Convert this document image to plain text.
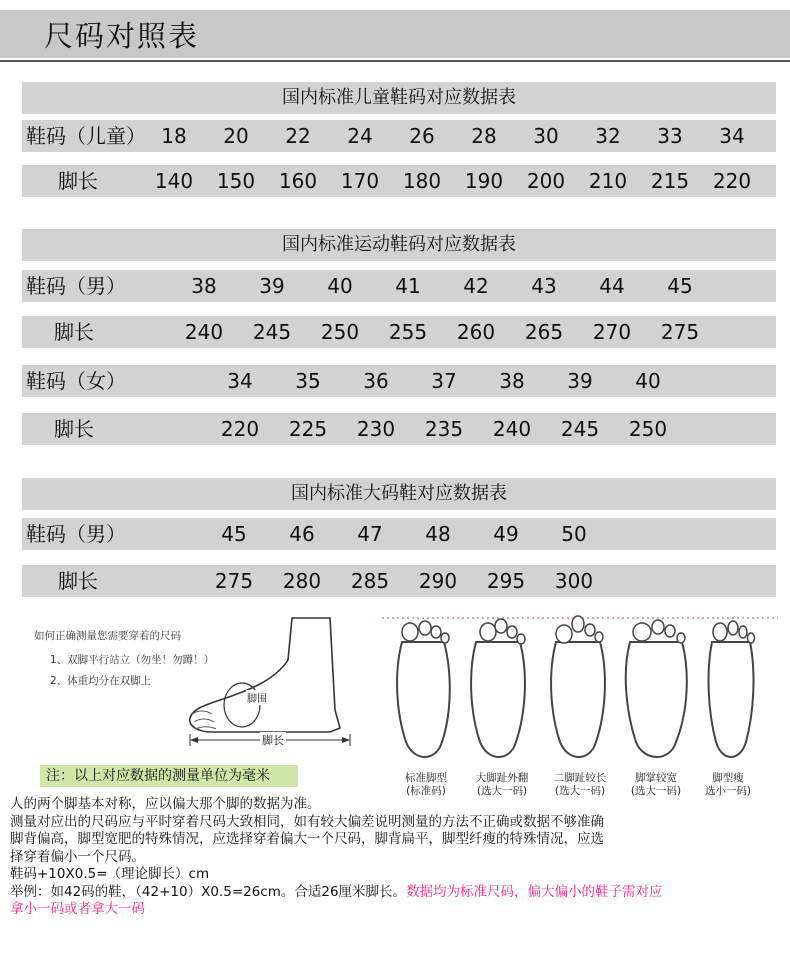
尺码对照表
国内标准儿童鞋码对应数据表
鞋码（儿童） 18	20	22	24	26	28	30	32	33	34
脚长	140	150	160	170	180	190	200	210	215	220
国内标准运动鞋码对应数据表
鞋码（男）	38	39	40	41	42	43	44	45
脚长	240	245	250	255	260	265	270	275
鞋码（女）	34	35	36	37	38	39	40
脚长	220	225	230	235	240	245	250
国内标准大码鞋对应数据表
鞋码（男）	45	46	47	48	49	50
脚长	275	280	285	290	295	300
如何正确测量您需要穿着的尺码
1、双脚平行站立（勿坐！勿蹲！）
2、体重均分在双脚上
脚围
脚长
标准脚型
(标准码)
大脚趾外翻
(选大一码)
二脚趾较长
(选大一码)
脚掌较宽
(选大一码)
脚型瘦
选小一码)
注：以上对应数据的测量单位为毫米
人的两个脚基本对称，应以偏大那个脚的数据为准。
测量对应出的尺码应与平时穿着尺码大致相同，如有较大偏差说明测量的方法不正确或数据不够准确
脚背偏高，脚型宽肥的特殊情况，应选择穿着偏大一个尺码，脚背扁平，脚型纤瘦的特殊情况，应选
择穿着偏小一个尺码。
鞋码+10X0.5=（理论脚长）cm
举例：如42码的鞋，（42+10）X0.5=26cm。合适26厘米脚长。数据均为标准尺码，偏大偏小的鞋子需对应
拿小一码或者拿大一码
